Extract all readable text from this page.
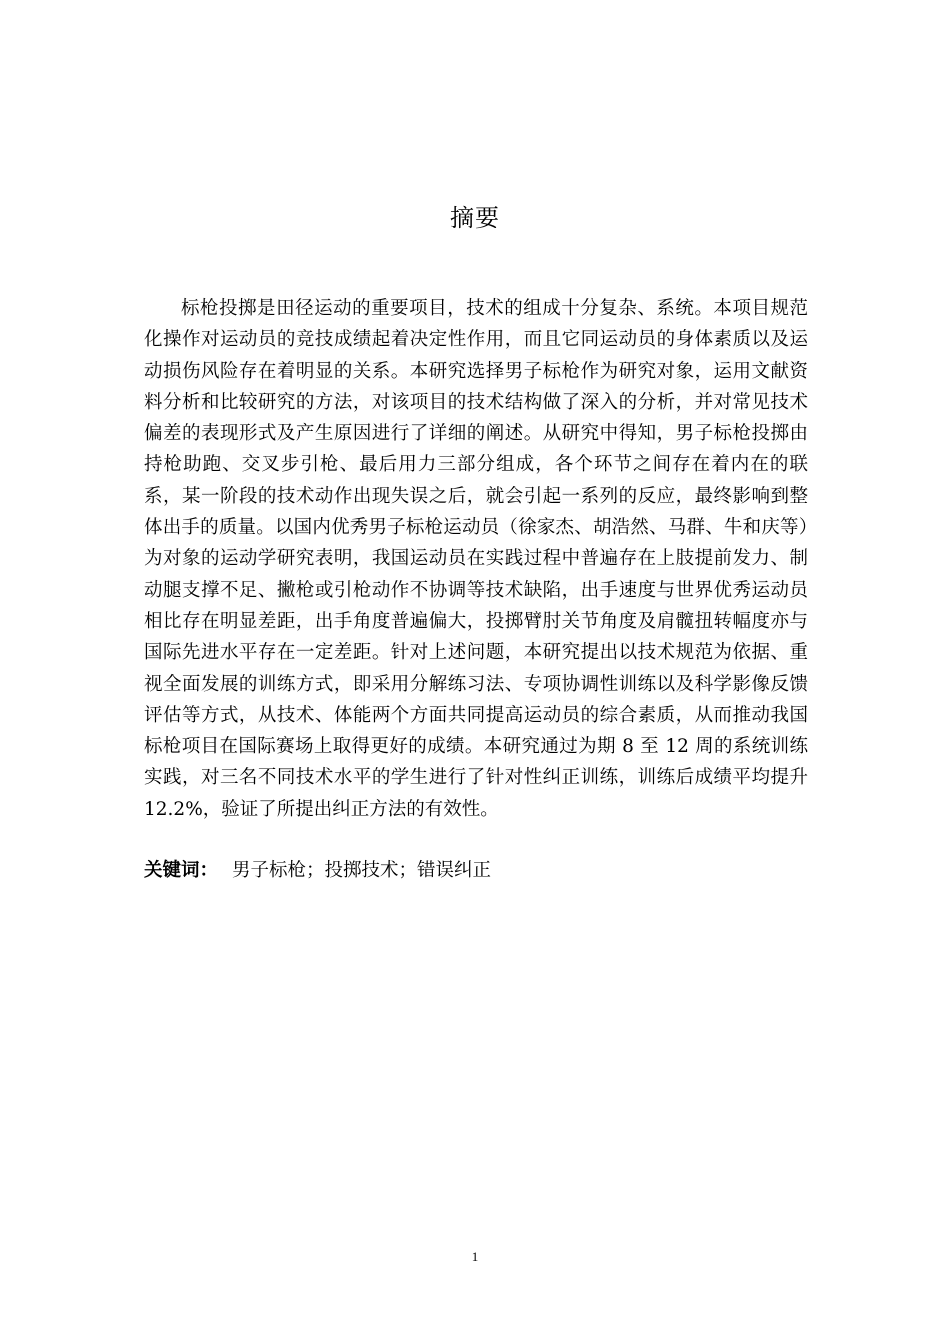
摘要

标枪投掷是田径运动的重要项目，技术的组成十分复杂、系统。本项目规范化操作对运动员的竞技成绩起着决定性作用，而且它同运动员的身体素质以及运动损伤风险存在着明显的关系。本研究选择男子标枪作为研究对象，运用文献资料分析和比较研究的方法，对该项目的技术结构做了深入的分析，并对常见技术偏差的表现形式及产生原因进行了详细的阐述。从研究中得知，男子标枪投掷由持枪助跑、交叉步引枪、最后用力三部分组成，各个环节之间存在着内在的联系，某一阶段的技术动作出现失误之后，就会引起一系列的反应，最终影响到整体出手的质量。以国内优秀男子标枪运动员（徐家杰、胡浩然、马群、牛和庆等）为对象的运动学研究表明，我国运动员在实践过程中普遍存在上肢提前发力、制动腿支撑不足、撇枪或引枪动作不协调等技术缺陷，出手速度与世界优秀运动员相比存在明显差距，出手角度普遍偏大，投掷臂肘关节角度及肩髋扭转幅度亦与国际先进水平存在一定差距。针对上述问题，本研究提出以技术规范为依据、重视全面发展的训练方式，即采用分解练习法、专项协调性训练以及科学影像反馈评估等方式，从技术、体能两个方面共同提高运动员的综合素质，从而推动我国标枪项目在国际赛场上取得更好的成绩。本研究通过为期 8 至 12 周的系统训练实践，对三名不同技术水平的学生进行了针对性纠正训练，训练后成绩平均提升 12.2%，验证了所提出纠正方法的有效性。

关键词： 男子标枪；投掷技术；错误纠正

1
